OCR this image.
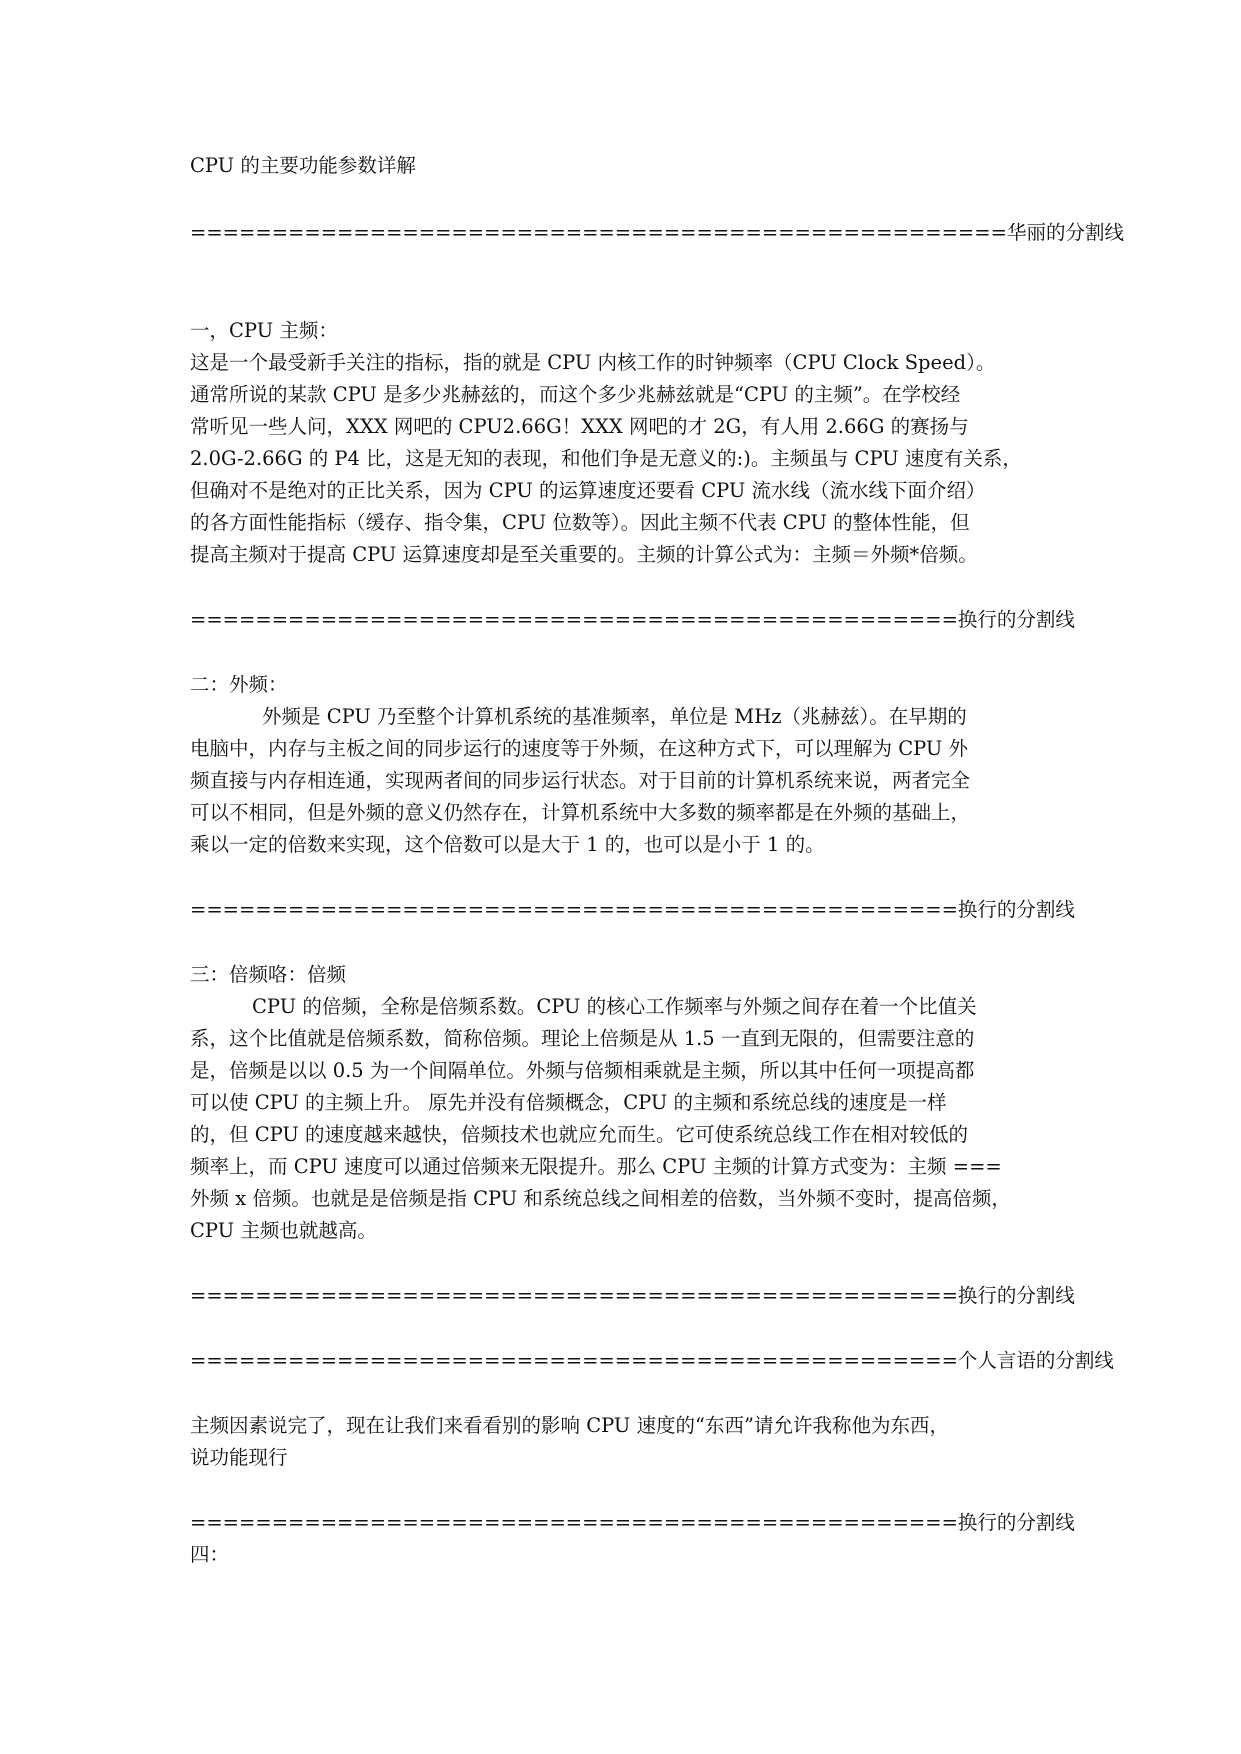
CPU 的主要功能参数详解
==================================================华丽的分割线
一，CPU 主频：
这是一个最受新手关注的指标，指的就是 CPU 内核工作的时钟频率（CPU Clock Speed）。
通常所说的某款 CPU 是多少兆赫兹的，而这个多少兆赫兹就是“CPU 的主频”。在学校经
常听见一些人问，XXX 网吧的 CPU2.66G！XXX 网吧的才 2G，有人用 2.66G 的赛扬与
2.0G-2.66G 的 P4 比，这是无知的表现，和他们争是无意义的:)。主频虽与 CPU 速度有关系，
但确对不是绝对的正比关系，因为 CPU 的运算速度还要看 CPU 流水线（流水线下面介绍）
的各方面性能指标（缓存、指令集，CPU 位数等）。因此主频不代表 CPU 的整体性能，但
提高主频对于提高 CPU 运算速度却是至关重要的。主频的计算公式为：主频＝外频*倍频。
===============================================换行的分割线
二：外频：
外频是 CPU 乃至整个计算机系统的基准频率，单位是 MHz（兆赫兹）。在早期的
电脑中，内存与主板之间的同步运行的速度等于外频，在这种方式下，可以理解为 CPU 外
频直接与内存相连通，实现两者间的同步运行状态。对于目前的计算机系统来说，两者完全
可以不相同，但是外频的意义仍然存在，计算机系统中大多数的频率都是在外频的基础上，
乘以一定的倍数来实现，这个倍数可以是大于 1 的，也可以是小于 1 的。
===============================================换行的分割线
三：倍频咯：倍频
CPU 的倍频，全称是倍频系数。CPU 的核心工作频率与外频之间存在着一个比值关
系，这个比值就是倍频系数，简称倍频。理论上倍频是从 1.5 一直到无限的，但需要注意的
是，倍频是以以 0.5 为一个间隔单位。外频与倍频相乘就是主频，所以其中任何一项提高都
可以使 CPU 的主频上升。 原先并没有倍频概念，CPU 的主频和系统总线的速度是一样
的，但 CPU 的速度越来越快，倍频技术也就应允而生。它可使系统总线工作在相对较低的
频率上，而 CPU 速度可以通过倍频来无限提升。那么 CPU 主频的计算方式变为：主频 ===
外频 x 倍频。也就是是倍频是指 CPU 和系统总线之间相差的倍数，当外频不变时，提高倍频，
CPU 主频也就越高。
===============================================换行的分割线
===============================================个人言语的分割线
主频因素说完了，现在让我们来看看别的影响 CPU 速度的“东西”请允许我称他为东西，
说功能现行
===============================================换行的分割线
四：
